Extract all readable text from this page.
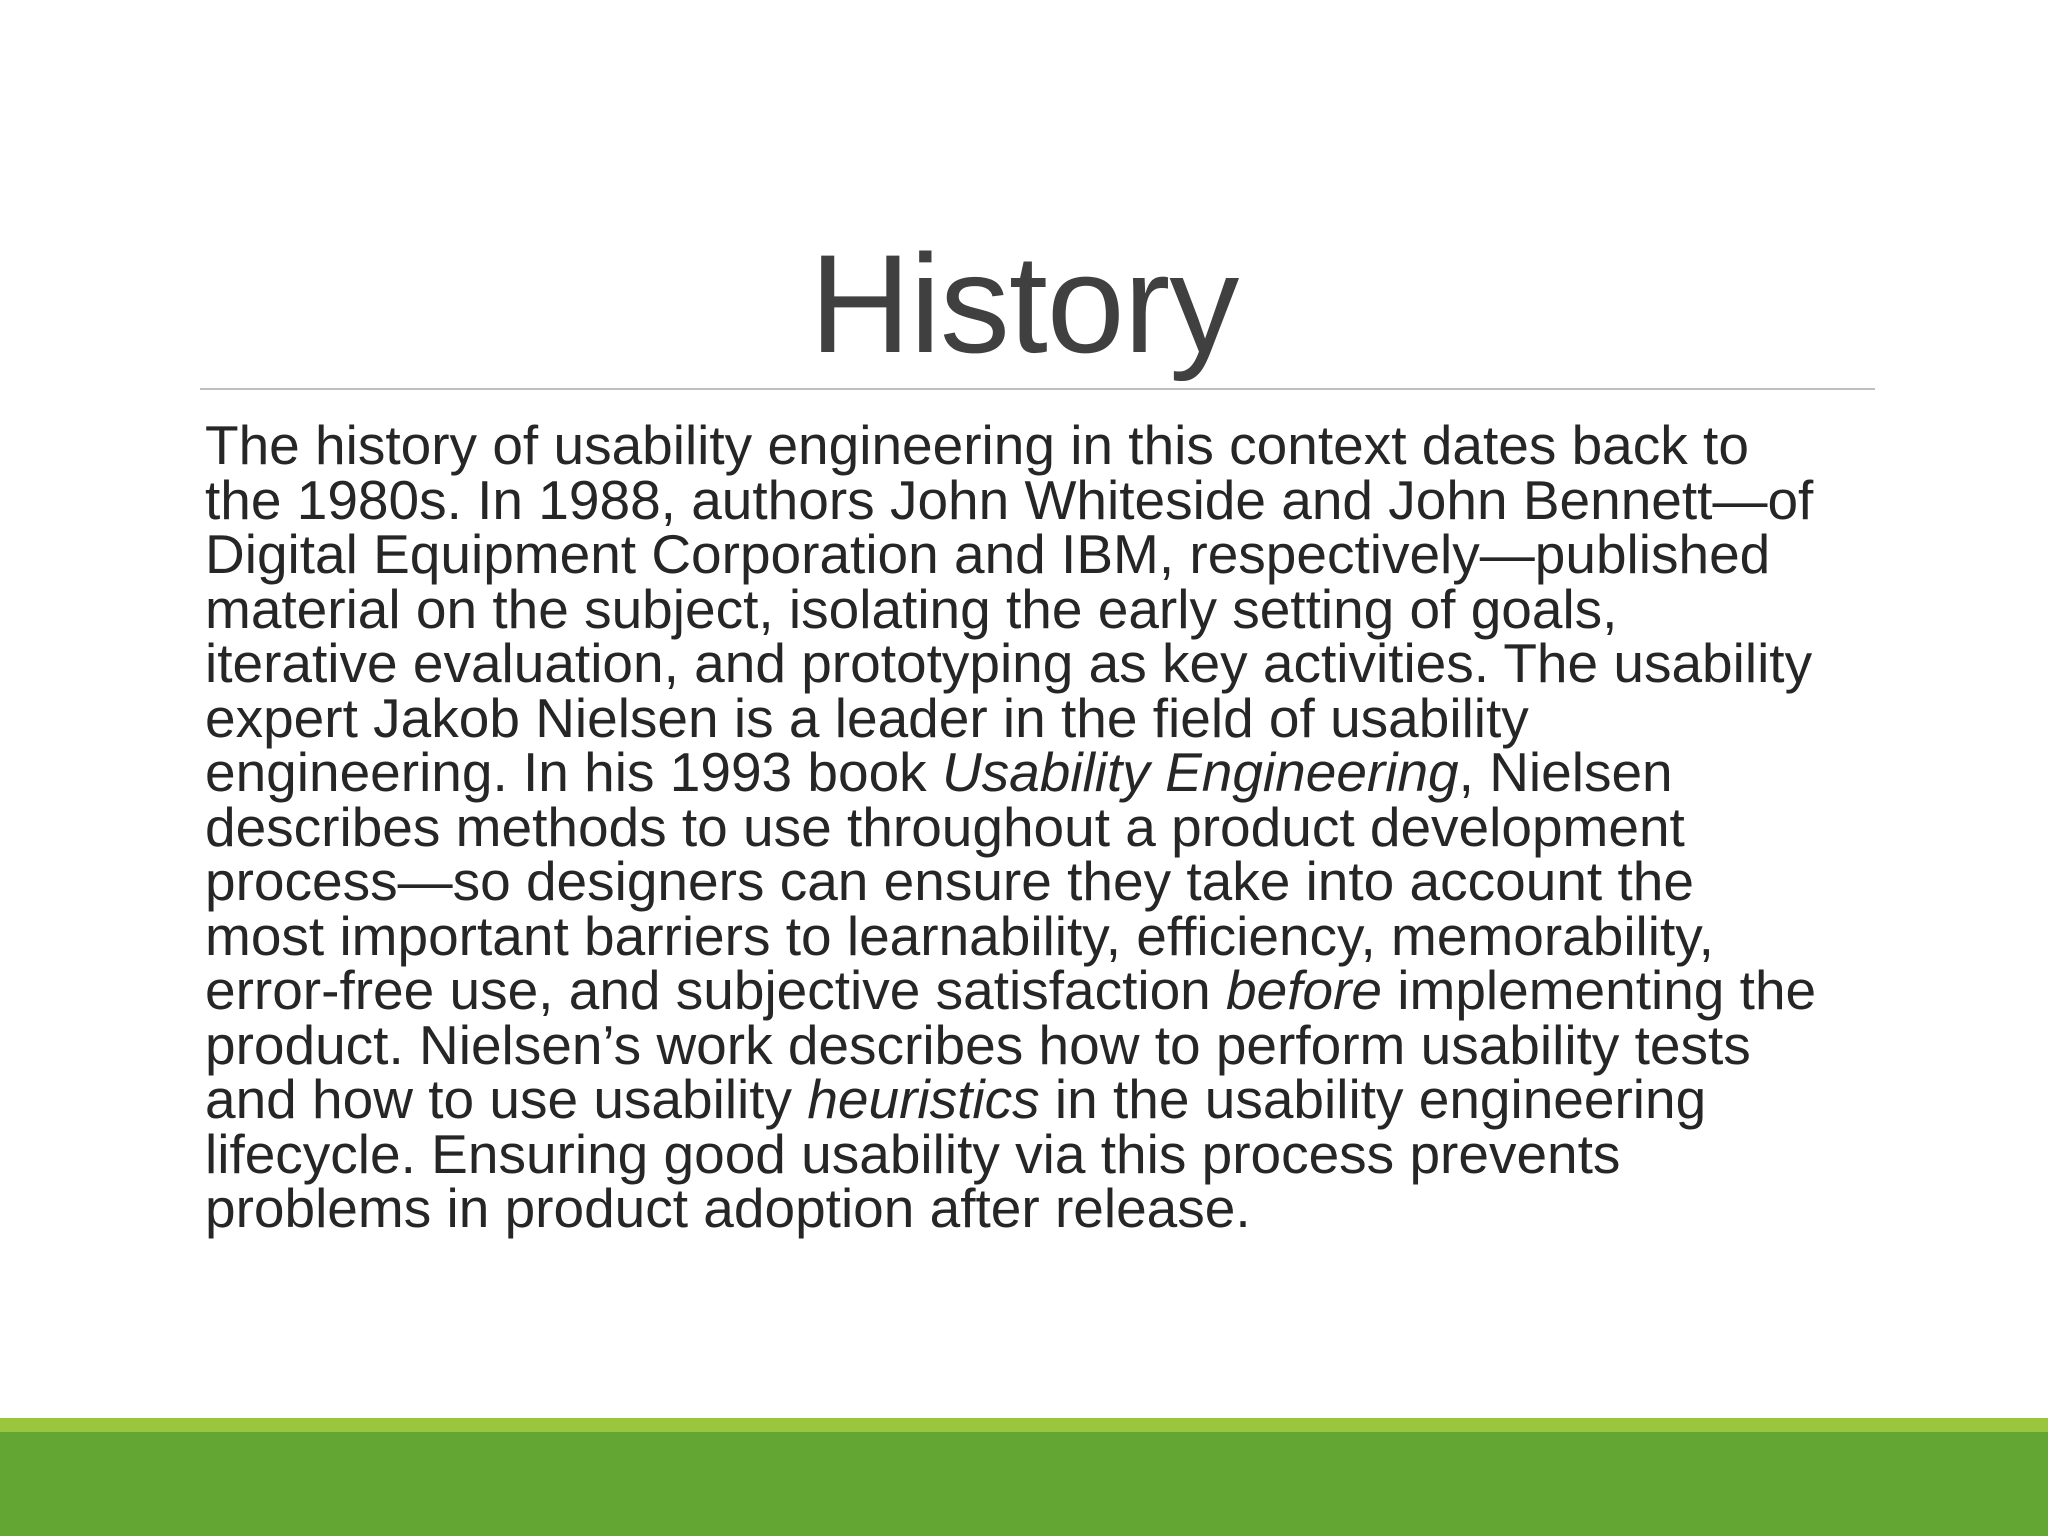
History
The history of usability engineering in this context dates back to
the 1980s. In 1988, authors John Whiteside and John Bennett—of
Digital Equipment Corporation and IBM, respectively—published
material on the subject, isolating the early setting of goals,
iterative evaluation, and prototyping as key activities. The usability
expert Jakob Nielsen is a leader in the field of usability
engineering. In his 1993 book Usability Engineering, Nielsen
describes methods to use throughout a product development
process—so designers can ensure they take into account the
most important barriers to learnability, efficiency, memorability,
error-free use, and subjective satisfaction before implementing the
product. Nielsen’s work describes how to perform usability tests
and how to use usability heuristics in the usability engineering
lifecycle. Ensuring good usability via this process prevents
problems in product adoption after release.
